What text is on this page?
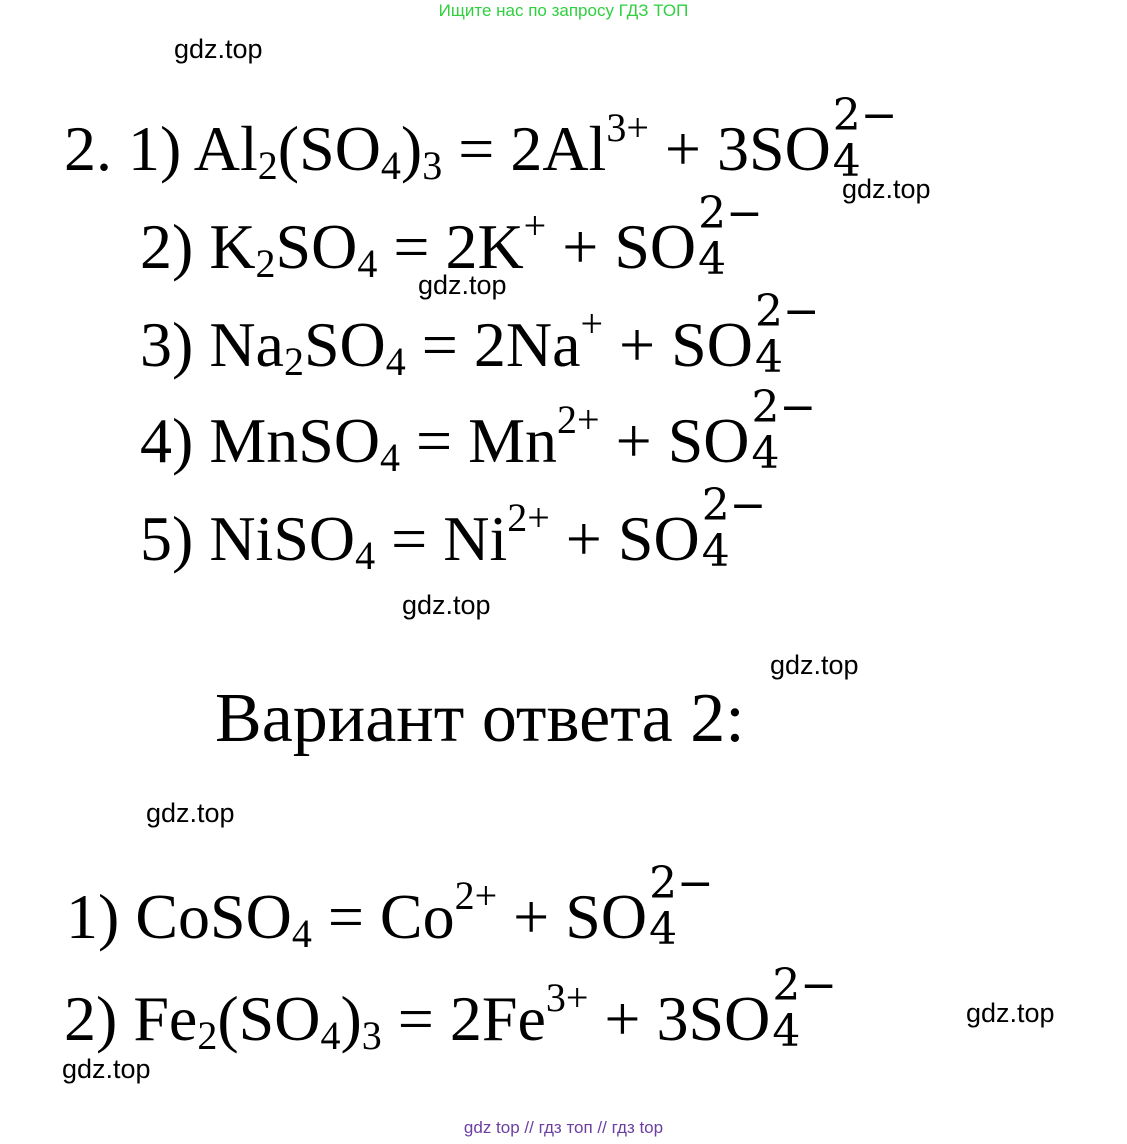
Ищите нас по запросу ГДЗ ТОП
gdz.top
gdz.top
gdz.top
gdz.top
gdz.top
gdz.top
gdz.top
gdz.top
2. 1) $Al_2(SO_4)_3 = 2Al^{3+} + 3SO$ 2−
4
2) $K_2SO_4 = 2K^+$ + SO 2−
4
3) $Na_2SO_4 = 2Na^+$ + SO 2−
4
4) MnSO$_4$ = $Mn^{2+}$ + SO 2−
4
5) NiSO$_4$ = $Ni^{2+}$ + SO 2−
4
Вариант ответа 2:
1) CoSO$_4$ = $Co^{2+}$ + SO 2−
4
2) $Fe_2(SO_4)_3 = 2Fe^{3+} + 3SO$ 2−
4
gdz top // гдз топ // гдз top
